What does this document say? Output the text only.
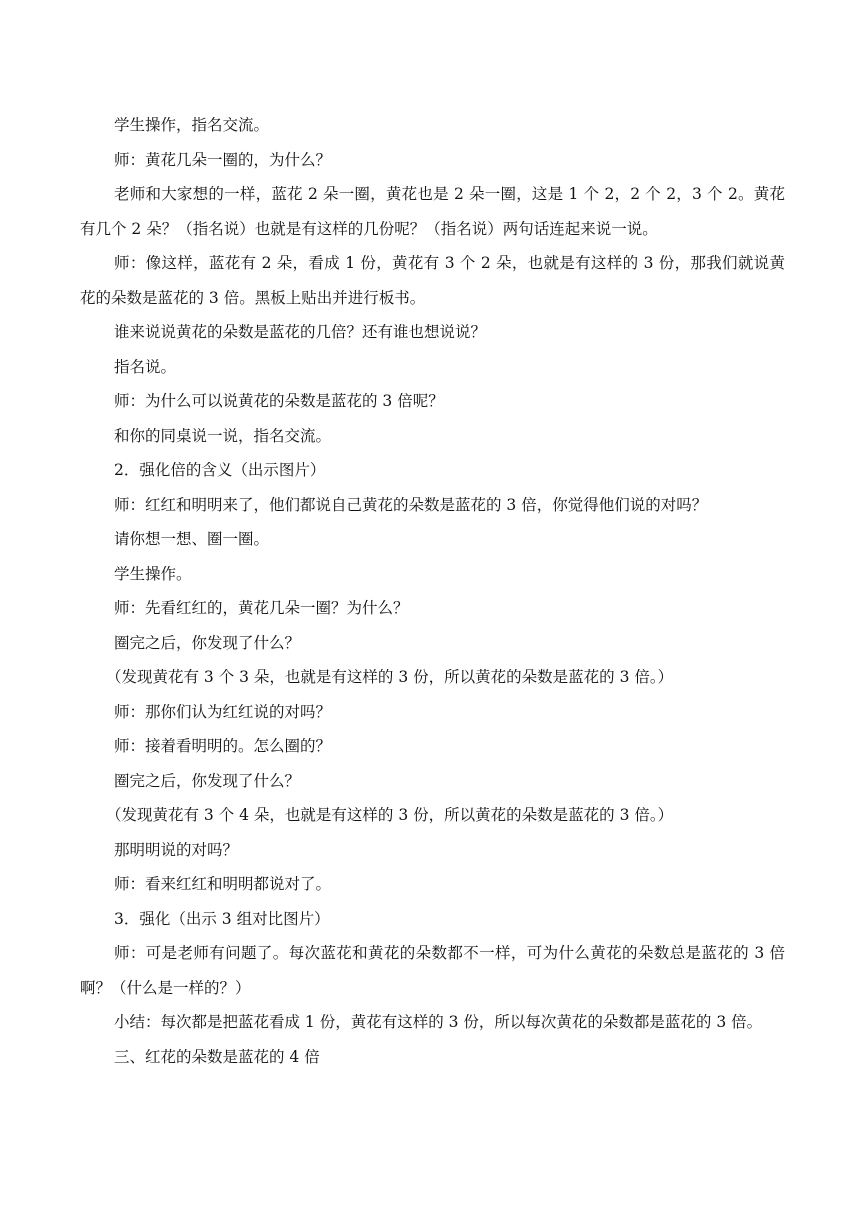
学生操作，指名交流。

师：黄花几朵一圈的，为什么？

老师和大家想的一样，蓝花 2 朵一圈，黄花也是 2 朵一圈，这是 1 个 2，2 个 2，3 个 2。黄花有几个 2 朵？（指名说）也就是有这样的几份呢？（指名说）两句话连起来说一说。

师：像这样，蓝花有 2 朵，看成 1 份，黄花有 3 个 2 朵，也就是有这样的 3 份，那我们就说黄花的朵数是蓝花的 3 倍。黑板上贴出并进行板书。

谁来说说黄花的朵数是蓝花的几倍？还有谁也想说说？

指名说。

师：为什么可以说黄花的朵数是蓝花的 3 倍呢？

和你的同桌说一说，指名交流。

2．强化倍的含义（出示图片）

师：红红和明明来了，他们都说自己黄花的朵数是蓝花的 3 倍，你觉得他们说的对吗？

请你想一想、圈一圈。

学生操作。

师：先看红红的，黄花几朵一圈？为什么？

圈完之后，你发现了什么？

（发现黄花有 3 个 3 朵，也就是有这样的 3 份，所以黄花的朵数是蓝花的 3 倍。）

师：那你们认为红红说的对吗？

师：接着看明明的。怎么圈的？

圈完之后，你发现了什么？

（发现黄花有 3 个 4 朵，也就是有这样的 3 份，所以黄花的朵数是蓝花的 3 倍。）

那明明说的对吗？

师：看来红红和明明都说对了。

3．强化（出示 3 组对比图片）

师：可是老师有问题了。每次蓝花和黄花的朵数都不一样，可为什么黄花的朵数总是蓝花的 3 倍啊？（什么是一样的？）

小结：每次都是把蓝花看成 1 份，黄花有这样的 3 份，所以每次黄花的朵数都是蓝花的 3 倍。

三、红花的朵数是蓝花的 4 倍
